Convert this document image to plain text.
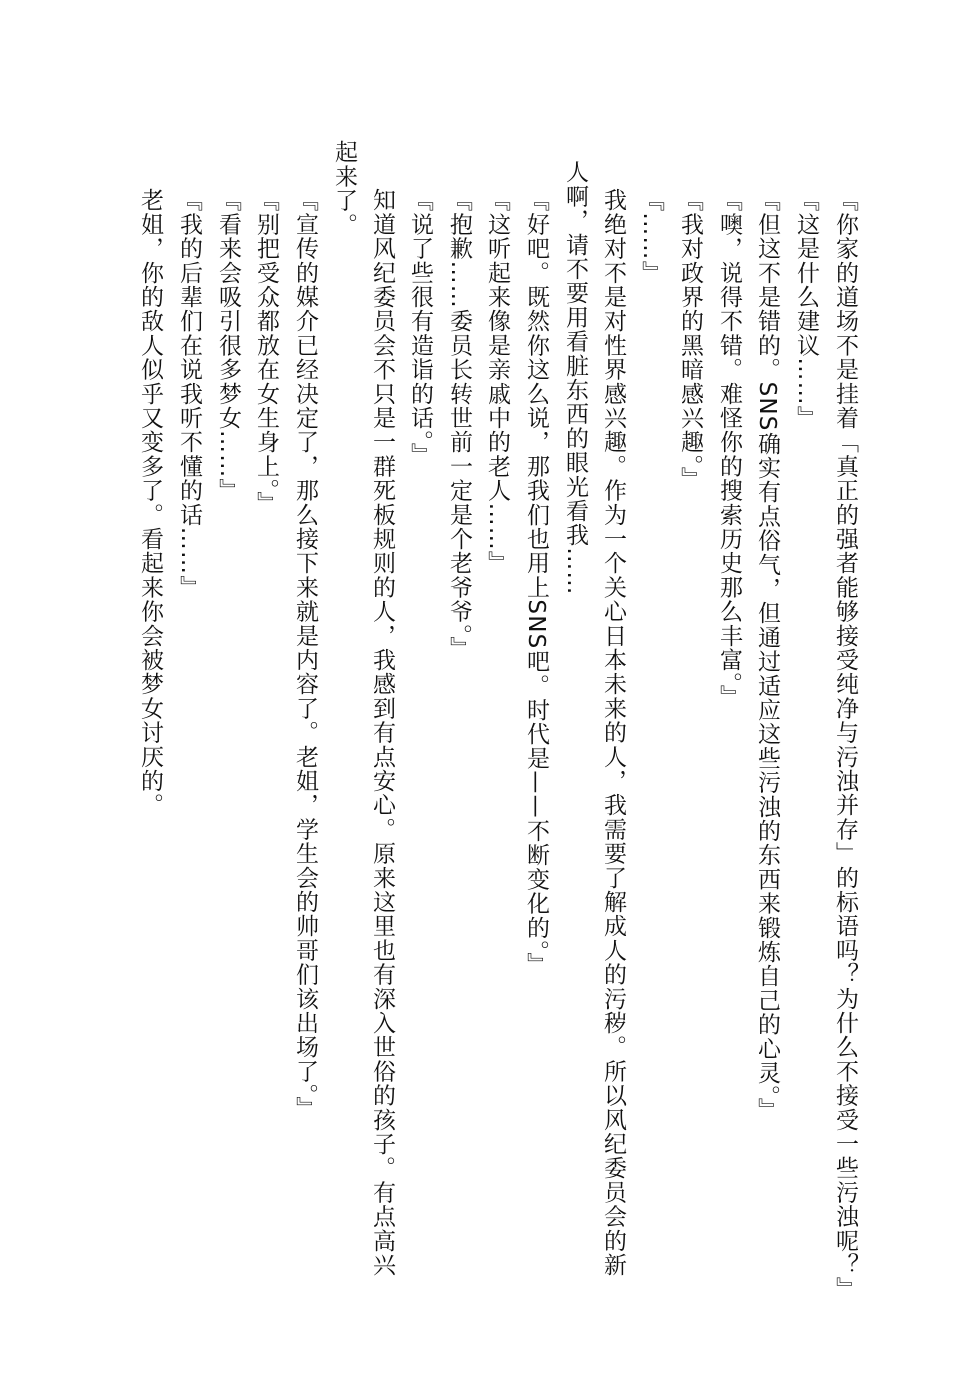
『你家的道场不是挂着「真正的强者能够接受纯净与污浊并存」的标语吗？为什么不接受一些污浊呢？』
『这是什么建议……』
『但这不是错的。SNS确实有点俗气，但通过适应这些污浊的东西来锻炼自己的心灵。』
『噢，说得不错。难怪你的搜索历史那么丰富。』
『我对政界的黑暗感兴趣。』
『……』
我绝对不是对性界感兴趣。作为一个关心日本未来的人，我需要了解成人的污秽。所以风纪委员会的新
人啊，请不要用看脏东西的眼光看我……
『好吧。既然你这么说，那我们也用上SNS吧。时代是——不断变化的。』
『这听起来像是亲戚中的老人……』
『抱歉……委员长转世前一定是个老爷爷。』
『说了些很有造诣的话。』
知道风纪委员会不只是一群死板规则的人，我感到有点安心。原来这里也有深入世俗的孩子。有点高兴
起来了。
『宣传的媒介已经决定了，那么接下来就是内容了。老姐，学生会的帅哥们该出场了。』
『别把受众都放在女生身上。』
『看来会吸引很多梦女……』
『我的后辈们在说我听不懂的话……』
老姐，你的敌人似乎又变多了。看起来你会被梦女讨厌的。
